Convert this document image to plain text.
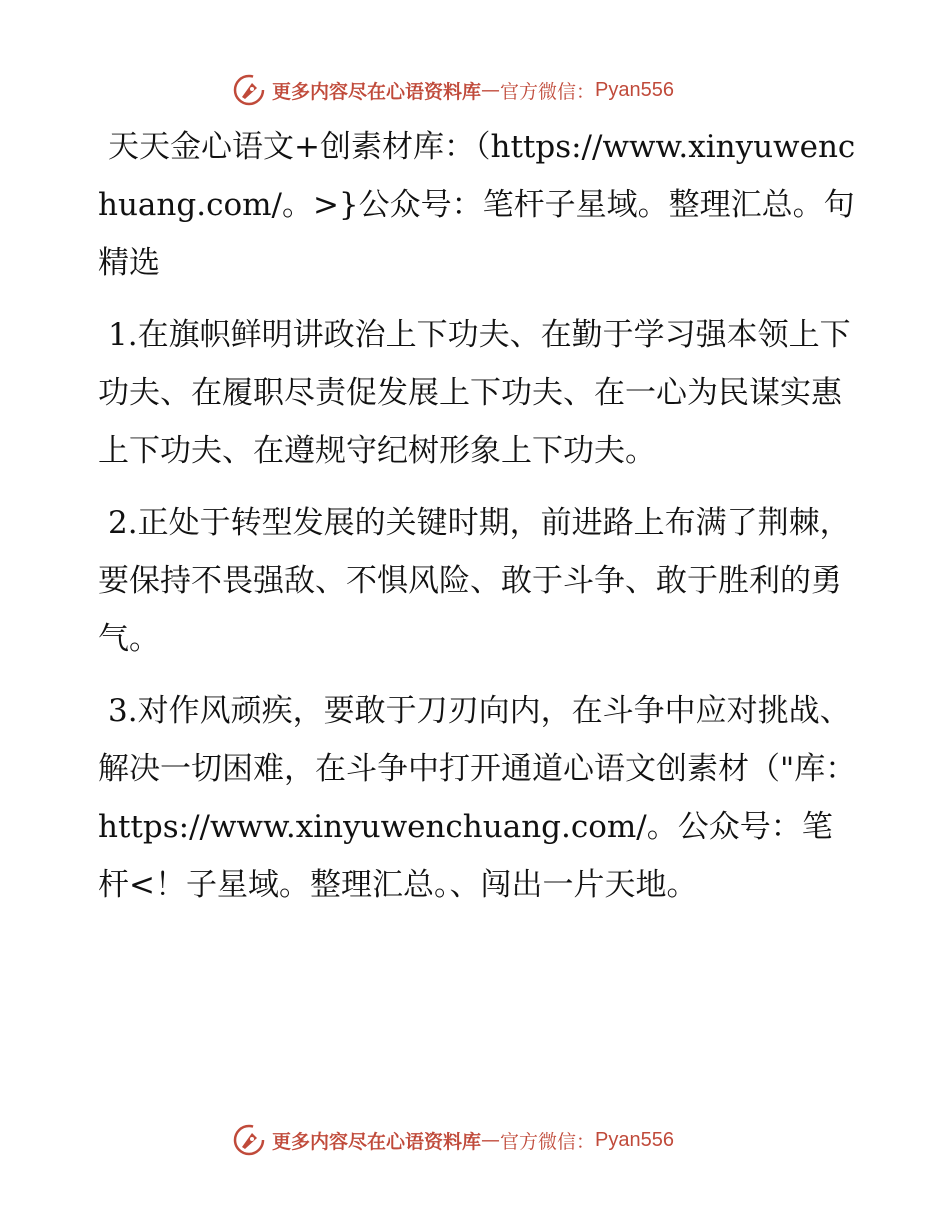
更多内容尽在心语资料库 — 官方微信： Pyan556

天天金心语文+创素材库：（https://www.xinyuwenchuang.com/。>}公众号：笔杆子星域。整理汇总。句精选

1.在旗帜鲜明讲政治上下功夫、在勤于学习强本领上下功夫、在履职尽责促发展上下功夫、在一心为民谋实惠上下功夫、在遵规守纪树形象上下功夫。

2.正处于转型发展的关键时期，前进路上布满了荆棘，要保持不畏强敌、不惧风险、敢于斗争、敢于胜利的勇气。

3.对作风顽疾，要敢于刀刃向内，在斗争中应对挑战、解决一切困难，在斗争中打开通道心语文创素材（"库：https://www.xinyuwenchuang.com/。公众号：笔杆<！子星域。整理汇总。、闯出一片天地。

更多内容尽在心语资料库 — 官方微信： Pyan556
